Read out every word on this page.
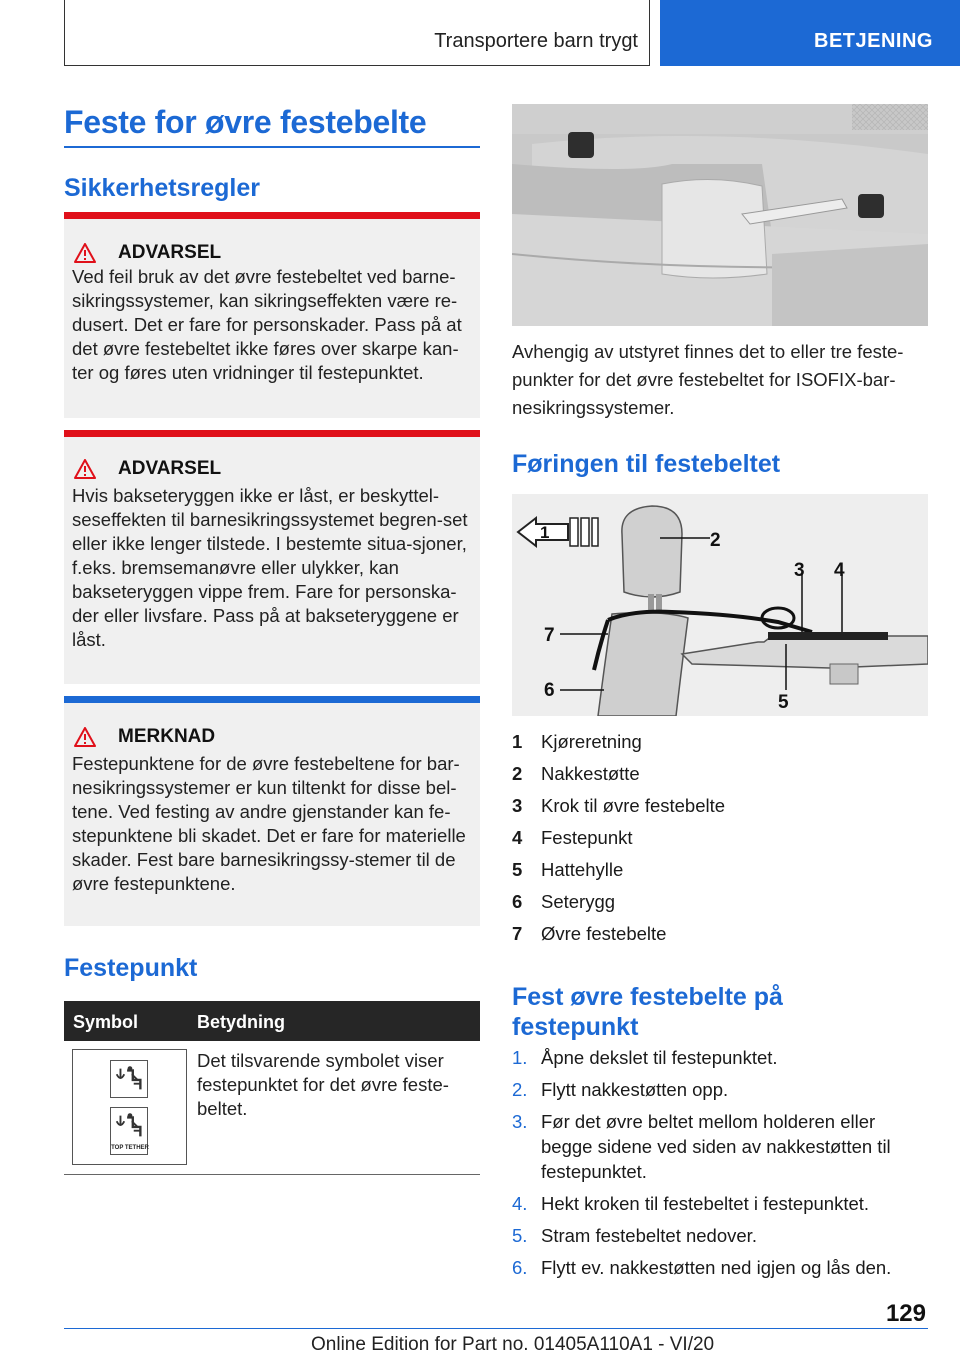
Transportere barn trygt	BETJENING
Feste for øvre festebelte
Sikkerhetsregler
ADVARSEL
Ved feil bruk av det øvre festebeltet ved barne-sikringssystemer, kan sikringseffekten være re-dusert. Det er fare for personskader. Pass på at det øvre festebeltet ikke føres over skarpe kan-ter og føres uten vridninger til festepunktet.
ADVARSEL
Hvis bakseteryggen ikke er låst, er beskyttel-seseffekten til barnesikringssystemet begren-set eller ikke lenger tilstede. I bestemte situa-sjoner, f.eks. bremsemanøvre eller ulykker, kan bakseteryggen vippe frem. Fare for personska-der eller livsfare. Pass på at bakseteryggene er låst.
MERKNAD
Festepunktene for de øvre festebeltene for bar-nesikringssystemer er kun tiltenkt for disse bel-tene. Ved festing av andre gjenstander kan fe-stepunktene bli skadet. Det er fare for materielle skader. Fest bare barnesikringssy-stemer til de øvre festepunktene.
Festepunkt
Symbol	Betydning
TOP TETHER
Det tilsvarende symbolet viser festepunktet for det øvre feste-beltet.
Avhengig av utstyret finnes det to eller tre feste-punkter for det øvre festebeltet for ISOFIX-bar-nesikringssystemer.
Føringen til festebeltet
1	2
3 4
5
6
7
1	Kjøreretning
2	Nakkestøtte
3	Krok til øvre festebelte
4	Festepunkt
5	Hattehylle
6	Seterygg
7	Øvre festebelte
Fest øvre festebelte på festepunkt
1. Åpne dekslet til festepunktet.
2. Flytt nakkestøtten opp.
3. Før det øvre beltet mellom holderen eller begge sidene ved siden av nakkestøtten til festepunktet.
4. Hekt kroken til festebeltet i festepunktet.
5. Stram festebeltet nedover.
6. Flytt ev. nakkestøtten ned igjen og lås den.
129
Online Edition for Part no. 01405A110A1 - VI/20
